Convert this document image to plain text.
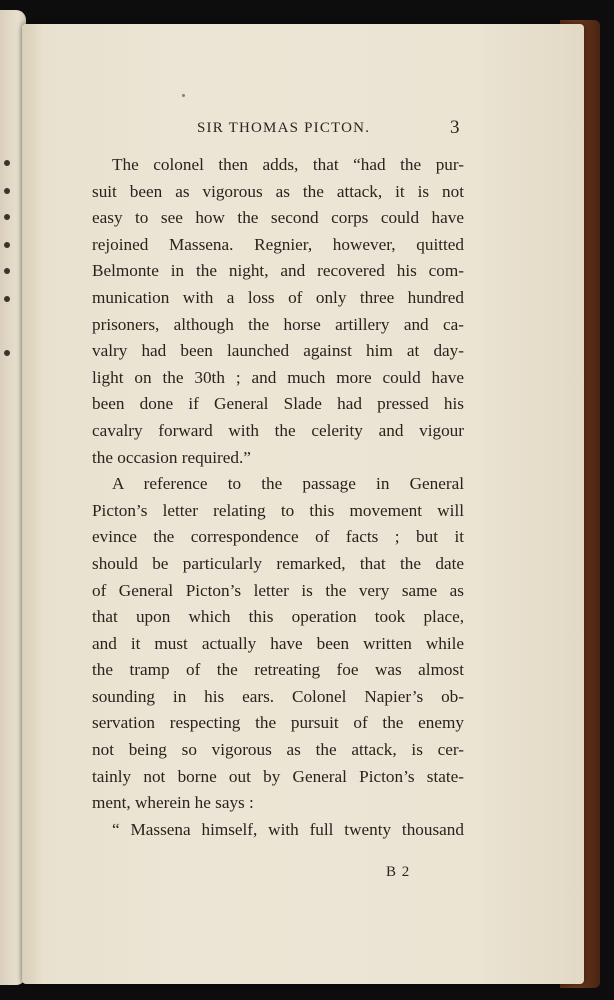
SIR THOMAS PICTON.	3
The colonel then adds, that “had the pur-
suit been as vigorous as the attack, it is not
easy to see how the second corps could have
rejoined Massena. Regnier, however, quitted
Belmonte in the night, and recovered his com-
munication with a loss of only three hundred
prisoners, although the horse artillery and ca-
valry had been launched against him at day-
light on the 30th ; and much more could have
been done if General Slade had pressed his
cavalry forward with the celerity and vigour
the occasion required.”
A reference to the passage in General
Picton’s letter relating to this movement will
evince the correspondence of facts ; but it
should be particularly remarked, that the date
of General Picton’s letter is the very same as
that upon which this operation took place,
and it must actually have been written while
the tramp of the retreating foe was almost
sounding in his ears. Colonel Napier’s ob-
servation respecting the pursuit of the enemy
not being so vigorous as the attack, is cer-
tainly not borne out by General Picton’s state-
ment, wherein he says :
“ Massena himself, with full twenty thousand
B 2
